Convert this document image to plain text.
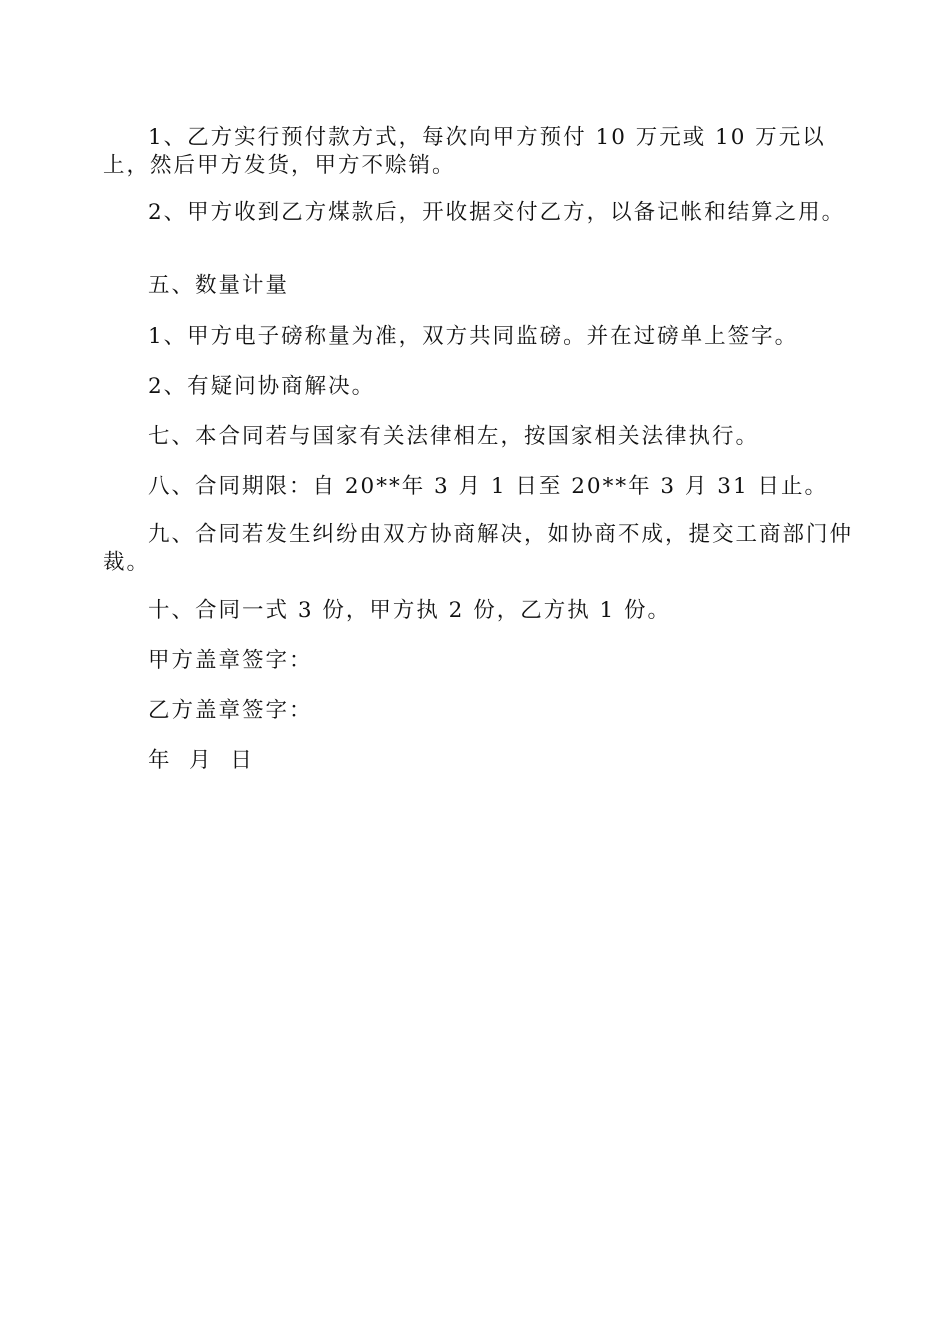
1、乙方实行预付款方式，每次向甲方预付 10 万元或 10 万元以上，然后甲方发货，甲方不赊销。

2、甲方收到乙方煤款后，开收据交付乙方，以备记帐和结算之用。

五、数量计量

1、甲方电子磅称量为准，双方共同监磅。并在过磅单上签字。

2、有疑问协商解决。

七、本合同若与国家有关法律相左，按国家相关法律执行。

八、合同期限：自 20**年 3 月 1 日至 20**年 3 月 31 日止。

九、合同若发生纠纷由双方协商解决，如协商不成，提交工商部门仲裁。

十、合同一式 3 份，甲方执 2 份，乙方执 1 份。

甲方盖章签字：

乙方盖章签字：

年  月  日
